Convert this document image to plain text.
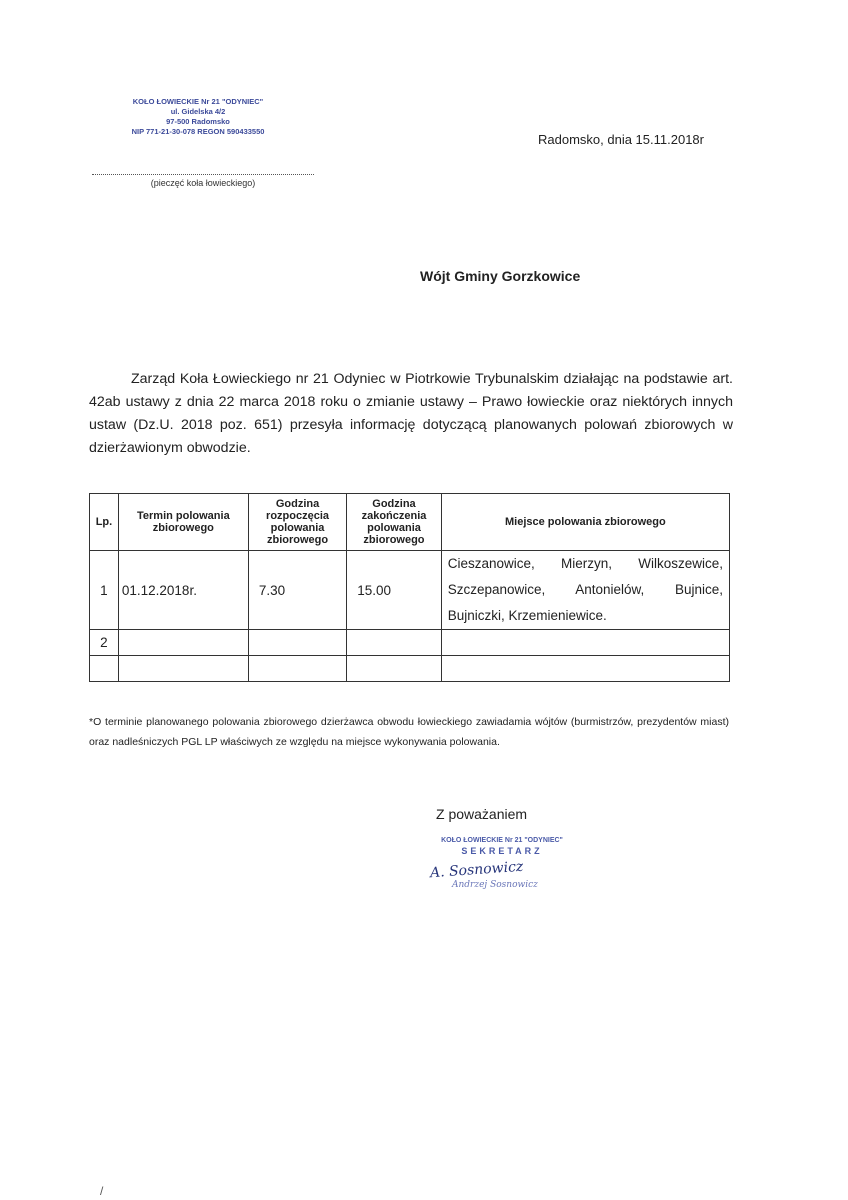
KOŁO ŁOWIECKIE Nr 21 "ODYNIEC"
ul. Gidelska 4/2
97-500 Radomsko
NIP 771-21-30-078 REGON 590433550
(pieczęć koła łowieckiego)
Radomsko, dnia 15.11.2018r
Wójt Gminy Gorzkowice
Zarząd Koła Łowieckiego nr 21 Odyniec w Piotrkowie Trybunalskim działając na podstawie art. 42ab ustawy z dnia 22 marca 2018 roku o zmianie ustawy – Prawo łowieckie oraz niektórych innych ustaw (Dz.U. 2018 poz. 651) przesyła informację dotyczącą planowanych polowań zbiorowych w dzierżawionym obwodzie.
Lp.	Termin polowania zbiorowego	Godzina rozpoczęcia polowania zbiorowego	Godzina zakończenia polowania zbiorowego	Miejsce polowania zbiorowego
1	01.12.2018r.	7.30	15.00	Cieszanowice, Mierzyn, Wilkoszewice, Szczepanowice, Antonielów, Bujnice, Bujniczki, Krzemieniewice.
2				

*O terminie planowanego polowania zbiorowego dzierżawca obwodu łowieckiego zawiadamia wójtów (burmistrzów, prezydentów miast) oraz nadleśniczych PGL LP właściwych ze względu na miejsce wykonywania polowania.
Z poważaniem
KOŁO ŁOWIECKIE Nr 21 "ODYNIEC"
SEKRETARZ
A. Sosnowicz
Andrzej Sosnowicz
/
